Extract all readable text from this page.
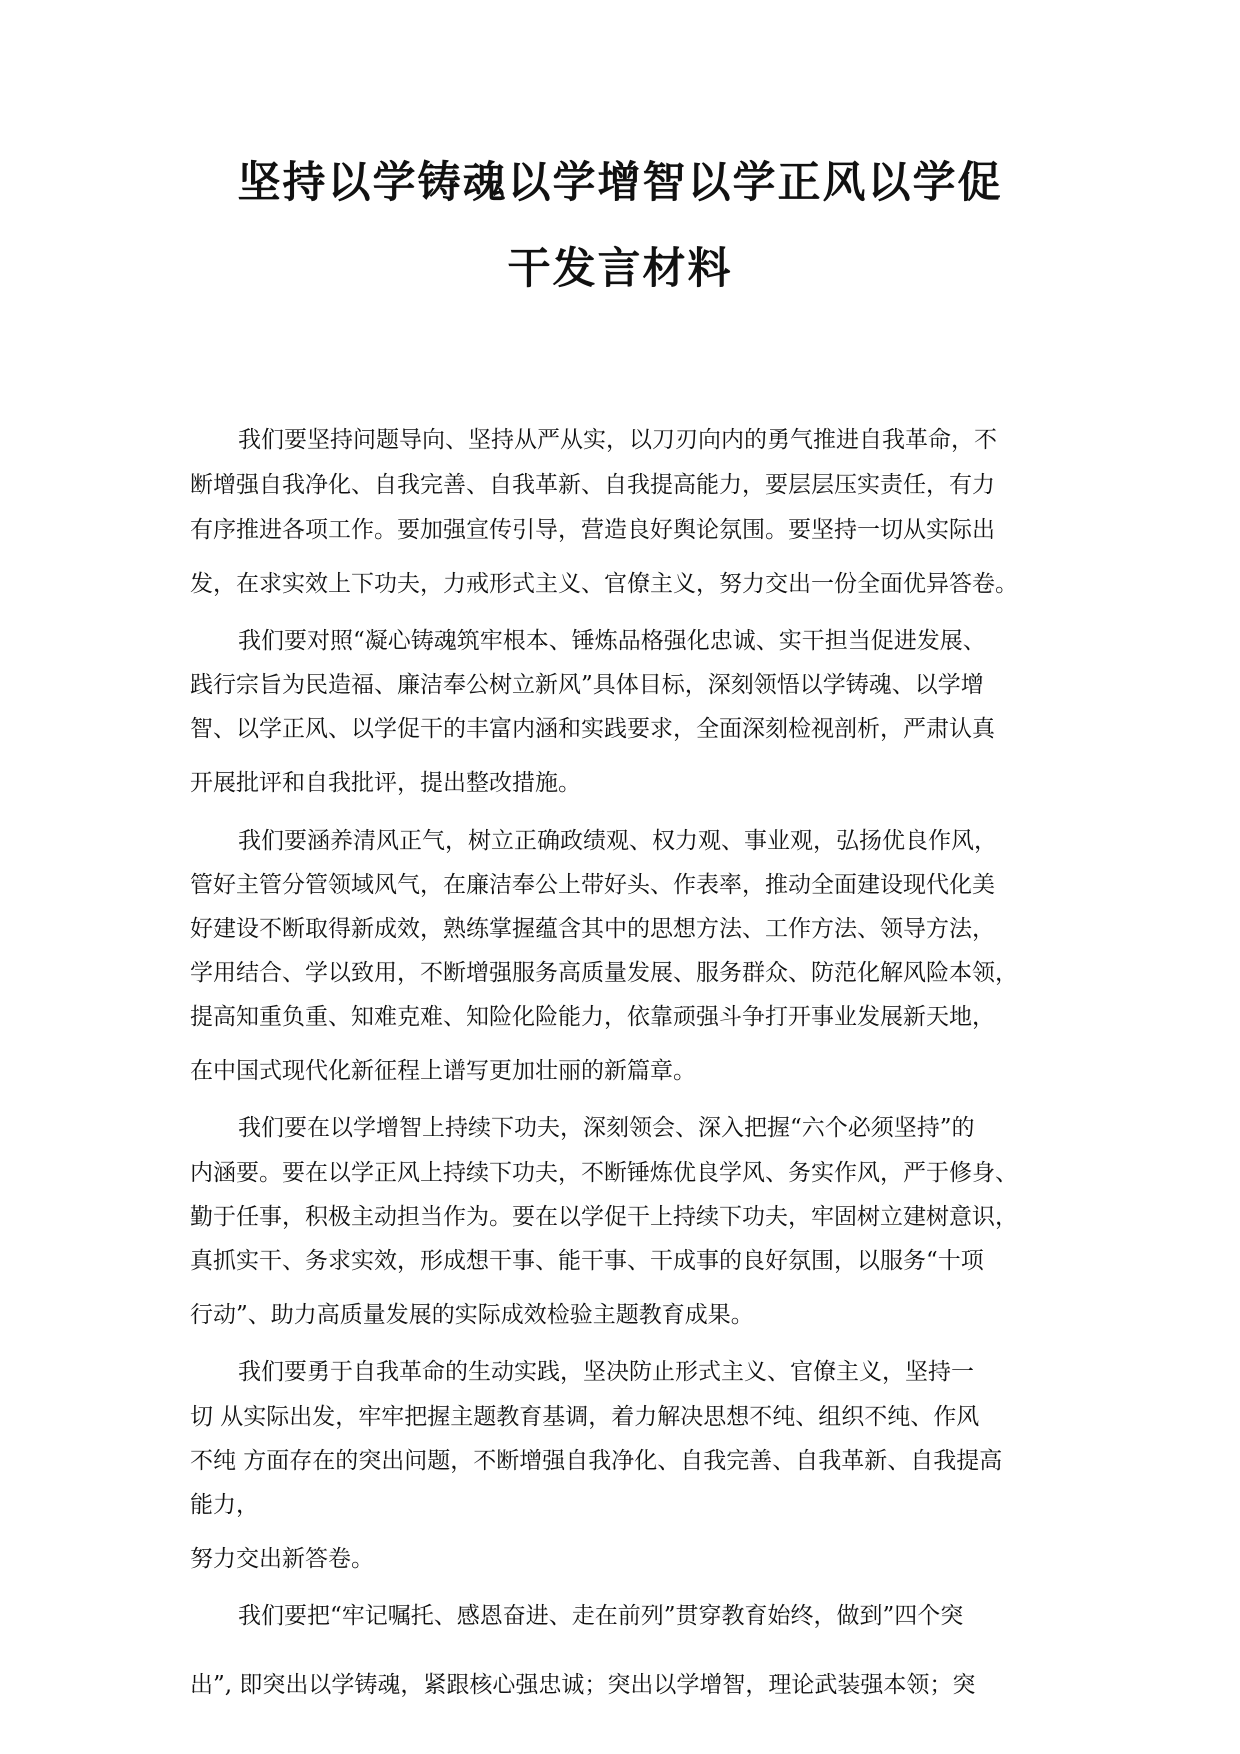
坚持以学铸魂以学增智以学正风以学促
干发言材料
我们要坚持问题导向、坚持从严从实，以刀刃向内的勇气推进自我革命，不
断增强自我净化、自我完善、自我革新、自我提高能力，要层层压实责任，有力
有序推进各项工作。要加强宣传引导，营造良好舆论氛围。要坚持一切从实际出
发，在求实效上下功夫，力戒形式主义、官僚主义，努力交出一份全面优异答卷。
我们要对照“凝心铸魂筑牢根本、锤炼品格强化忠诚、实干担当促进发展、
践行宗旨为民造福、廉洁奉公树立新风”具体目标，深刻领悟以学铸魂、以学增
智、以学正风、以学促干的丰富内涵和实践要求，全面深刻检视剖析，严肃认真
开展批评和自我批评，提出整改措施。
我们要涵养清风正气，树立正确政绩观、权力观、事业观，弘扬优良作风，
管好主管分管领域风气，在廉洁奉公上带好头、作表率，推动全面建设现代化美
好建设不断取得新成效，熟练掌握蕴含其中的思想方法、工作方法、领导方法，
学用结合、学以致用，不断增强服务高质量发展、服务群众、防范化解风险本领，
提高知重负重、知难克难、知险化险能力，依靠顽强斗争打开事业发展新天地，
在中国式现代化新征程上谱写更加壮丽的新篇章。
我们要在以学增智上持续下功夫，深刻领会、深入把握“六个必须坚持”的
内涵要。要在以学正风上持续下功夫，不断锤炼优良学风、务实作风，严于修身、
勤于任事，积极主动担当作为。要在以学促干上持续下功夫，牢固树立建树意识，
真抓实干、务求实效，形成想干事、能干事、干成事的良好氛围，以服务“十项
行动”、助力高质量发展的实际成效检验主题教育成果。
我们要勇于自我革命的生动实践，坚决防止形式主义、官僚主义，坚持一
切 从实际出发，牢牢把握主题教育基调，着力解决思想不纯、组织不纯、作风
不纯 方面存在的突出问题，不断增强自我净化、自我完善、自我革新、自我提高
能力，
努力交出新答卷。
我们要把“牢记嘱托、感恩奋进、走在前列”贯穿教育始终，做到”四个突
出”, 即突出以学铸魂，紧跟核心强忠诚；突出以学增智，理论武装强本领；突
